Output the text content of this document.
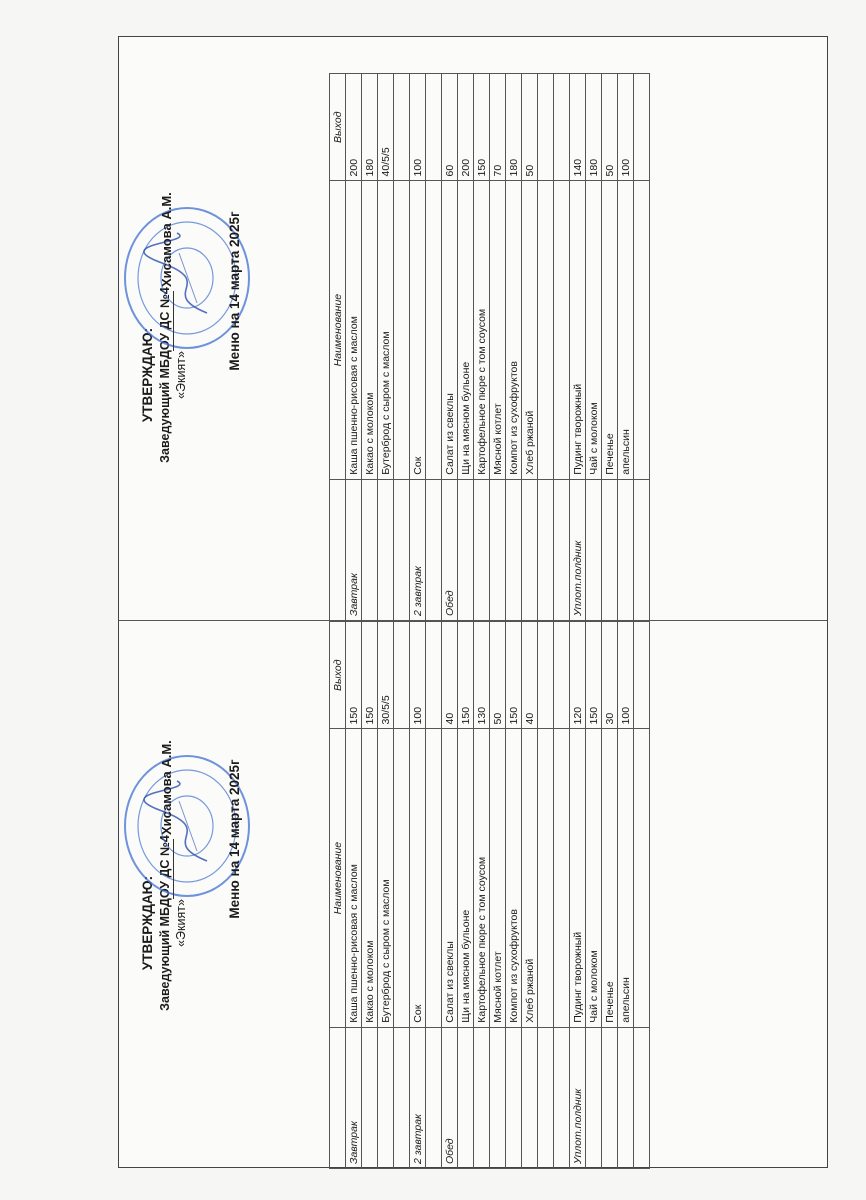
УТВЕРЖДАЮ: Заведующий МБДОУ ДС №4 «Экият»
Хисамова А.М.	Меню на 14 марта 2025г
		Наименование	Выход
Завтрак	Каша пшенно-рисовая с маслом	200
	Какао с молоком	180
	Бутерброд с сыром с маслом	40/5/5

2 завтрак	Сок	100

Обед	Салат из свеклы	60
	Щи на мясном бульоне	200
	Картофельное пюре с том соусом	150
	Мясной котлет	70
	Компот из сухофруктов	180
	Хлеб ржаной	50

Уплот.полдник	Пудинг творожный	140
	Чай с молоком	180
	Печенье	50
	апельсин	100

УТВЕРЖДАЮ: Заведующий МБДОУ ДС №4 «Экият»
Хисамова А.М.	Меню на 14 марта 2025г
		Наименование	Выход
Завтрак	Каша пшенно-рисовая с маслом	150
	Какао с молоком	150
	Бутерброд с сыром с маслом	30/5/5

2 завтрак	Сок	100

Обед	Салат из свеклы	40
	Щи на мясном бульоне	150
	Картофельное пюре с том соусом	130
	Мясной котлет	50
	Компот из сухофруктов	150
	Хлеб ржаной	40

Уплот.полдник	Пудинг творожный	120
	Чай с молоком	150
	Печенье	30
	апельсин	100
